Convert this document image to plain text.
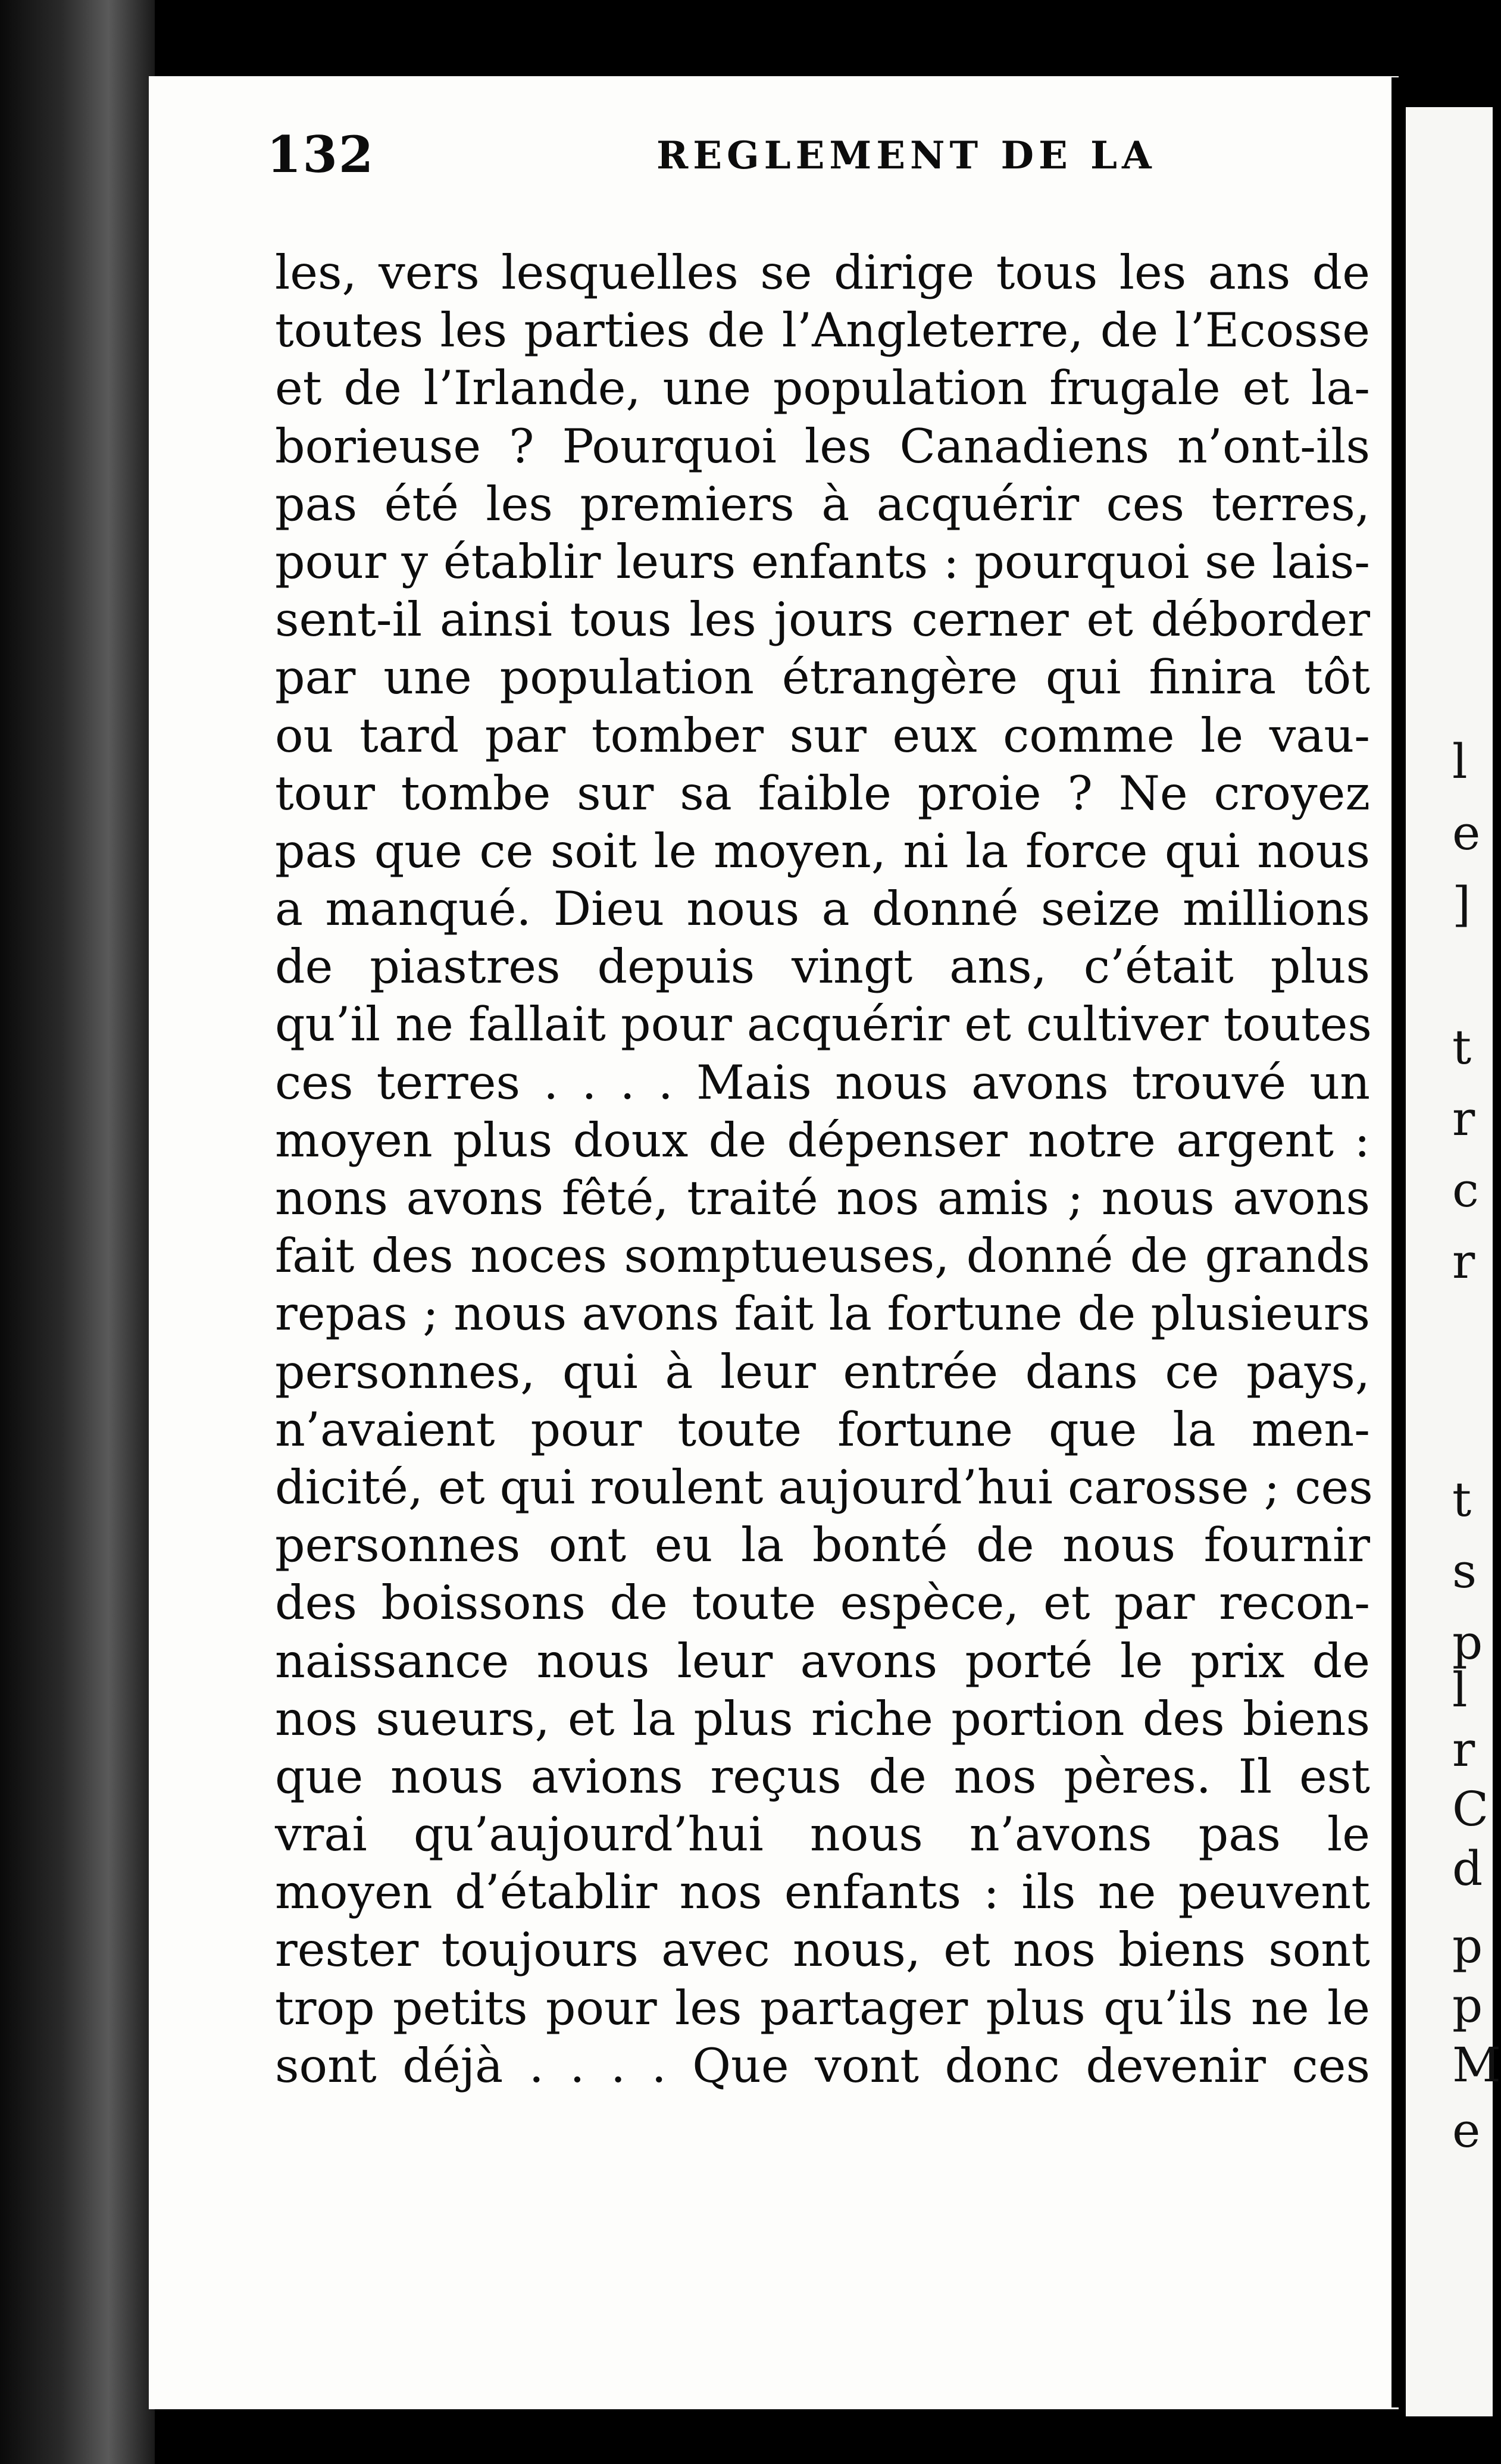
l
e
]
t
r
c
r
t
s
p
l
r
C
d
p
p
M
e
132	REGLEMENT DE LA
les, vers lesquelles se dirige tous les ans de
toutes les parties de l’Angleterre, de l’Ecosse
et de l’Irlande, une population frugale et la-
borieuse ? Pourquoi les Canadiens n’ont-ils
pas été les premiers à acquérir ces terres,
pour y établir leurs enfants : pourquoi se lais-
sent-il ainsi tous les jours cerner et déborder
par une population étrangère qui finira tôt
ou tard par tomber sur eux comme le vau-
tour tombe sur sa faible proie ? Ne croyez
pas que ce soit le moyen, ni la force qui nous
a manqué. Dieu nous a donné seize millions
de piastres depuis vingt ans, c’était plus
qu’il ne fallait pour acquérir et cultiver toutes
ces terres . . . . Mais nous avons trouvé un
moyen plus doux de dépenser notre argent :
nons avons fêté, traité nos amis ; nous avons
fait des noces somptueuses, donné de grands
repas ; nous avons fait la fortune de plusieurs
personnes, qui à leur entrée dans ce pays,
n’avaient pour toute fortune que la men-
dicité, et qui roulent aujourd’hui carosse ; ces
personnes ont eu la bonté de nous fournir
des boissons de toute espèce, et par recon-
naissance nous leur avons porté le prix de
nos sueurs, et la plus riche portion des biens
que nous avions reçus de nos pères. Il est
vrai qu’aujourd’hui nous n’avons pas le
moyen d’établir nos enfants : ils ne peuvent
rester toujours avec nous, et nos biens sont
trop petits pour les partager plus qu’ils ne le
sont déjà . . . . Que vont donc devenir ces
